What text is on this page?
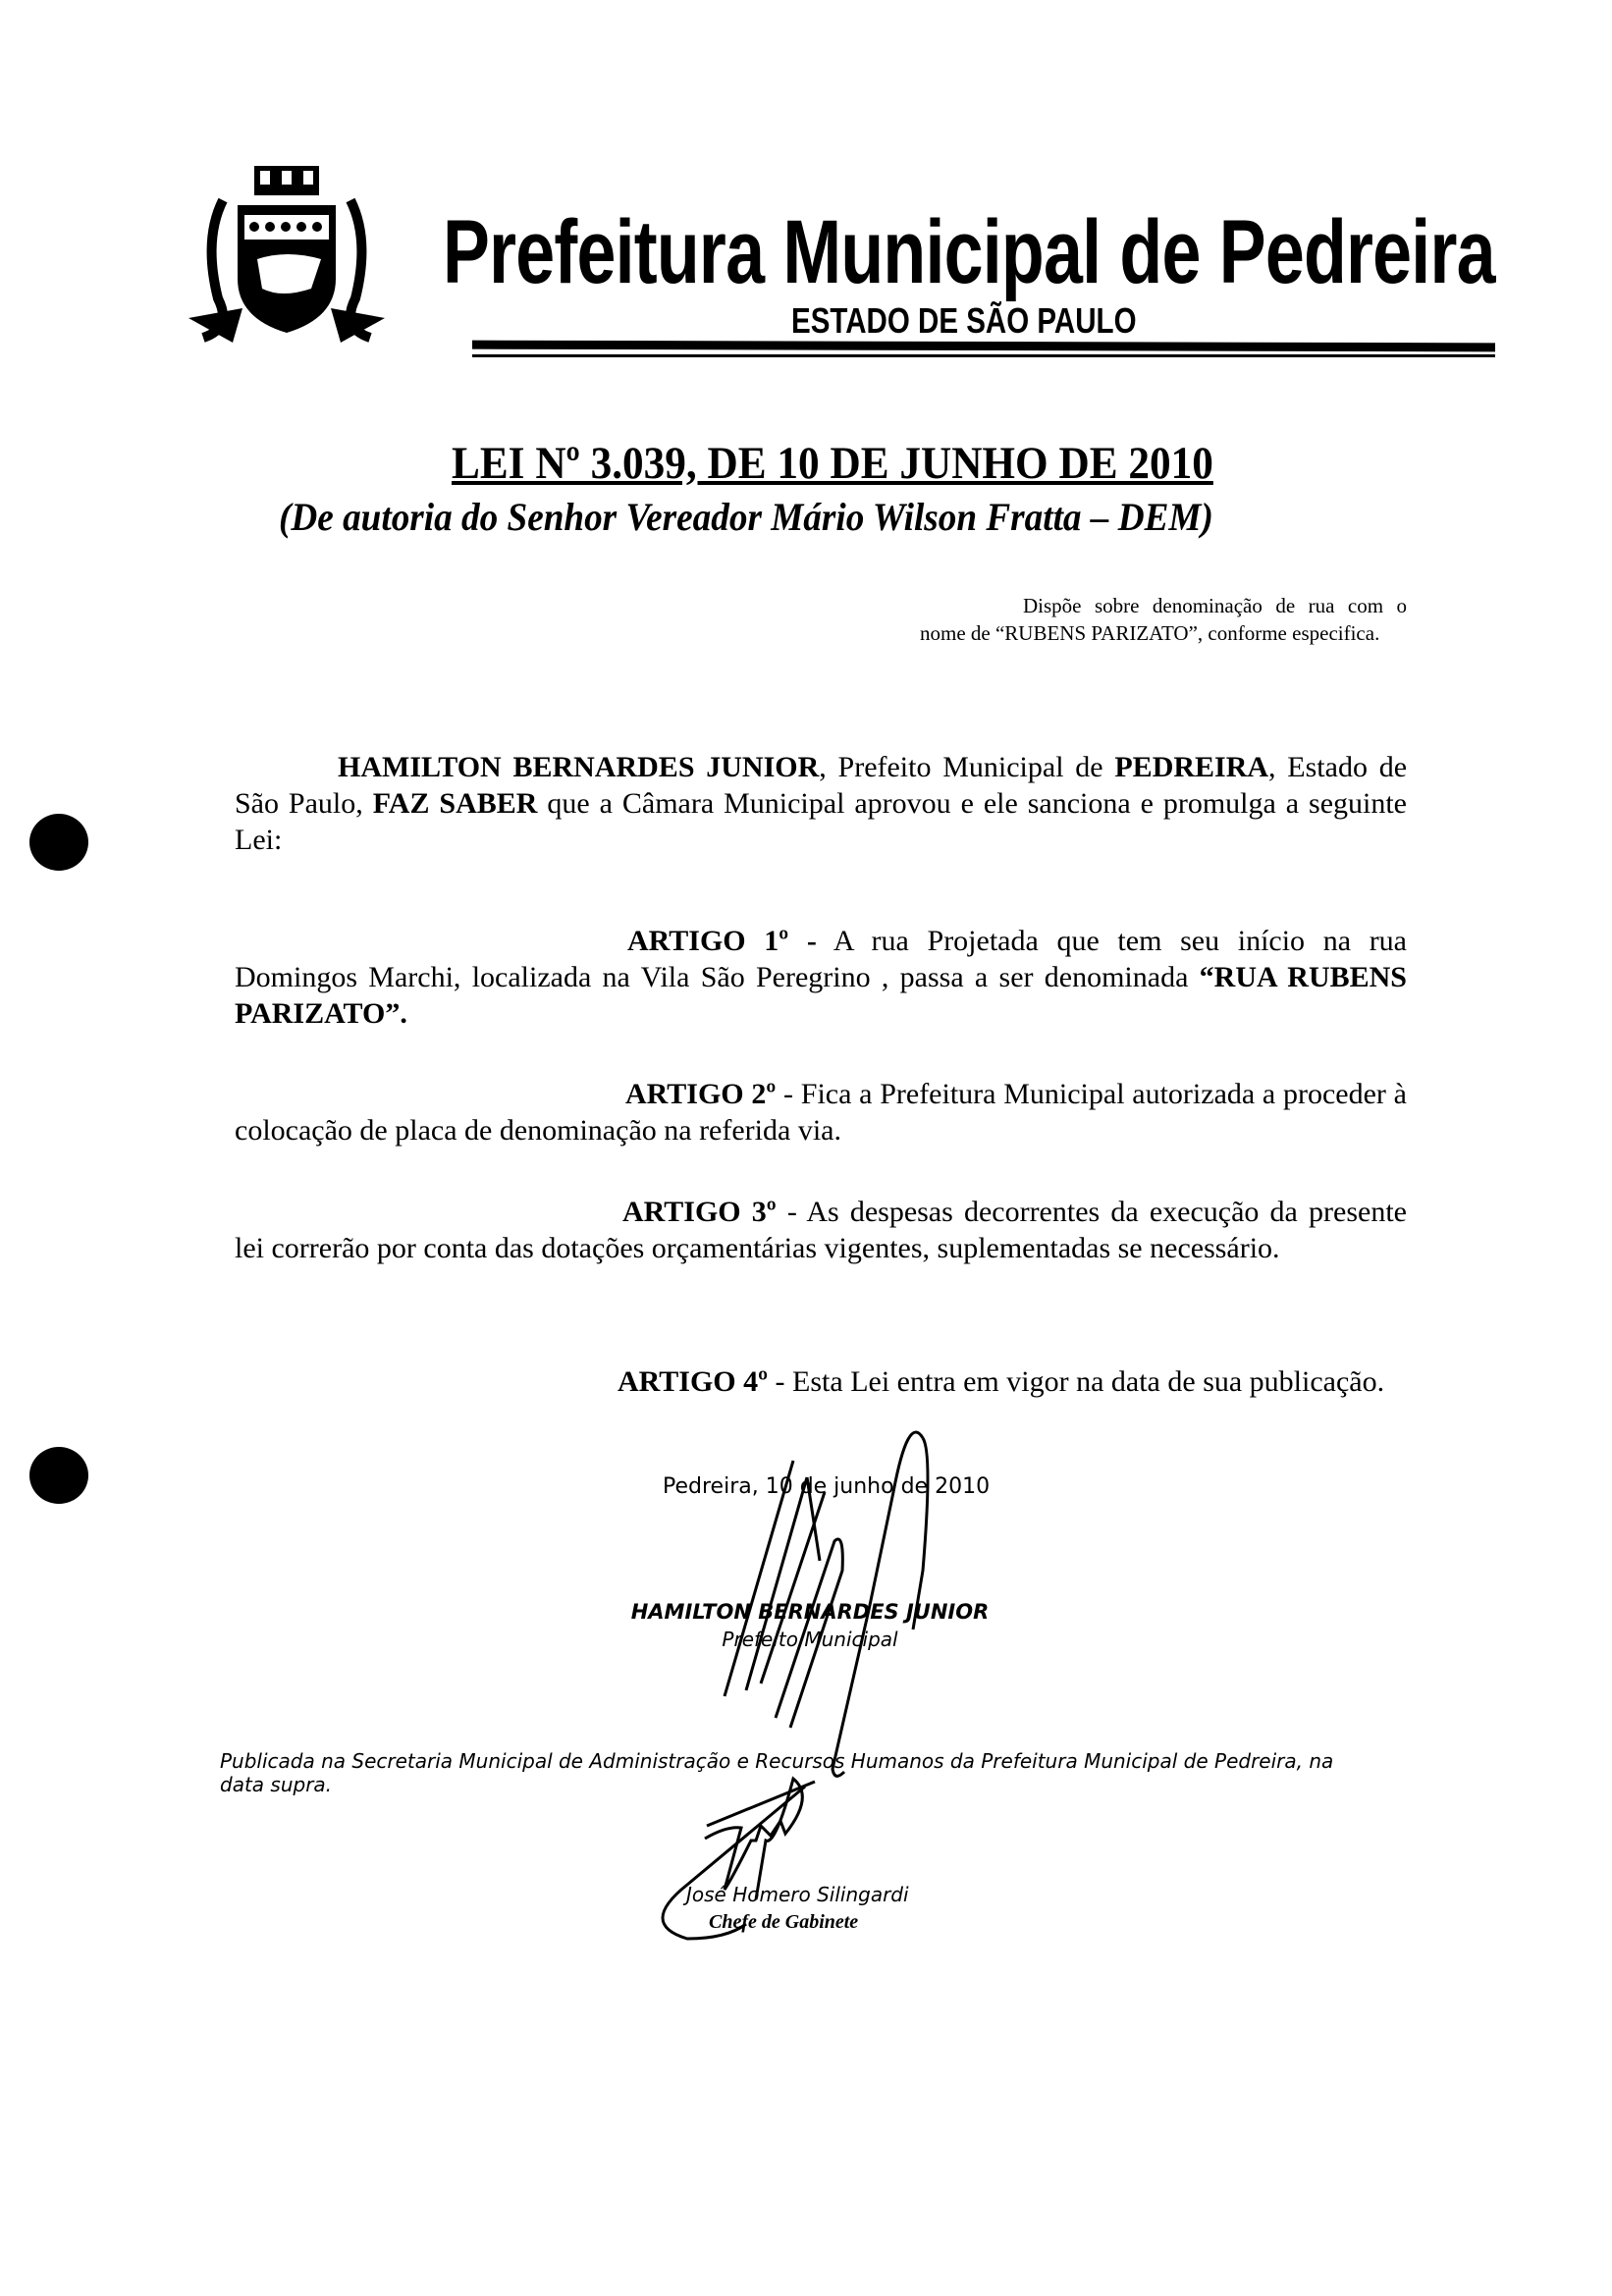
Prefeitura Municipal de Pedreira
ESTADO DE SÃO PAULO
LEI Nº 3.039, DE 10 DE JUNHO DE 2010
(De autoria do Senhor Vereador Mário Wilson Fratta – DEM)
Dispõe sobre denominação de rua com o nome de “RUBENS PARIZATO”, conforme especifica.
HAMILTON BERNARDES JUNIOR, Prefeito Municipal de PEDREIRA, Estado de São Paulo, FAZ SABER que a Câmara Municipal aprovou e ele sanciona e promulga a seguinte Lei:
ARTIGO 1º - A rua Projetada que tem seu início na rua Domingos Marchi, localizada na Vila São Peregrino , passa a ser denominada “RUA RUBENS PARIZATO”.
ARTIGO 2º - Fica a Prefeitura Municipal autorizada a proceder à colocação de placa de denominação na referida via.
ARTIGO 3º - As despesas decorrentes da execução da presente lei correrão por conta das dotações orçamentárias vigentes, suplementadas se necessário.
ARTIGO 4º - Esta Lei entra em vigor na data de sua publicação.
Pedreira, 10 de junho de 2010
HAMILTON BERNARDES JUNIOR
Prefeito Municipal
Publicada na Secretaria Municipal de Administração e Recursos Humanos da Prefeitura Municipal de Pedreira, na data supra.
José Homero Silingardi
Chefe de Gabinete
